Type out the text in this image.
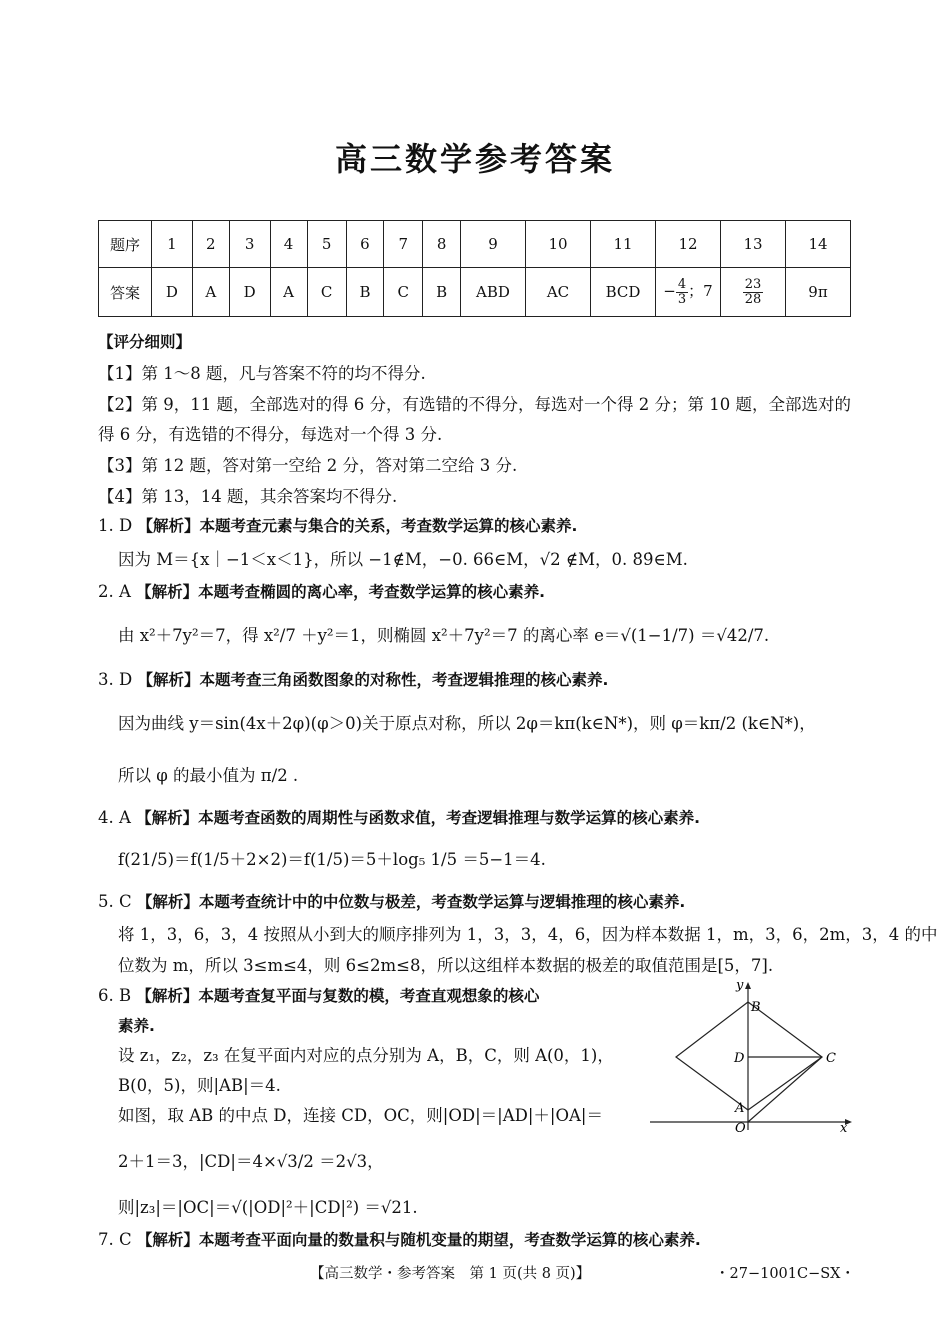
高三数学参考答案
题序	1	2	3	4	5	6	7	8	9	10	11	12	13	14
答案	D	A	D	A	C	B	C	B	ABD	AC	BCD	− $\frac{4}{3}$ ；7	$\frac{23}{28}$	9π
【评分细则】
【1】第 1～8 题，凡与答案不符的均不得分.
【2】第 9，11 题，全部选对的得 6 分，有选错的不得分，每选对一个得 2 分；第 10 题，全部选对的
得 6 分，有选错的不得分，每选对一个得 3 分.
【3】第 12 题，答对第一空给 2 分，答对第二空给 3 分.
【4】第 13，14 题，其余答案均不得分.
1. D 【解析】本题考查元素与集合的关系，考查数学运算的核心素养.
因为 M＝{x｜−1＜x＜1}，所以 −1∉M，−0. 66∈M，√2 ∉M，0. 8̇9̇∈M.
2. A 【解析】本题考查椭圆的离心率，考查数学运算的核心素养.
由 x²＋7y²＝7，得 x²/7 ＋y²＝1，则椭圆 x²＋7y²＝7 的离心率 e＝√(1−1/7) ＝√42/7.
3. D 【解析】本题考查三角函数图象的对称性，考查逻辑推理的核心素养.
因为曲线 y＝sin(4x＋2φ)(φ＞0)关于原点对称，所以 2φ＝kπ(k∈N*)，则 φ＝kπ/2 (k∈N*)，
所以 φ 的最小值为 π/2 .
4. A 【解析】本题考查函数的周期性与函数求值，考查逻辑推理与数学运算的核心素养.
f(21/5)＝f(1/5＋2×2)＝f(1/5)＝5＋log₅ 1/5 ＝5−1＝4.
5. C 【解析】本题考查统计中的中位数与极差，考查数学运算与逻辑推理的核心素养.
将 1，3，6，3，4 按照从小到大的顺序排列为 1，3，3，4，6，因为样本数据 1，m，3，6，2m，3，4 的中
位数为 m，所以 3≤m≤4，则 6≤2m≤8，所以这组样本数据的极差的取值范围是[5，7].
6. B 【解析】本题考查复平面与复数的模，考查直观想象的核心
素养.
设 z₁，z₂，z₃ 在复平面内对应的点分别为 A，B，C，则 A(0，1)，
B(0，5)，则|AB|＝4.
如图，取 AB 的中点 D，连接 CD，OC，则|OD|＝|AD|＋|OA|＝
2＋1＝3，|CD|＝4×√3/2 ＝2√3，
则|z₃|＝|OC|＝√(|OD|²＋|CD|²) ＝√21.
y
x
B
D	C
A
O
7. C 【解析】本题考查平面向量的数量积与随机变量的期望，考查数学运算的核心素养.
【高三数学・参考答案　第 1 页(共 8 页)】	・27−1001C−SX・
